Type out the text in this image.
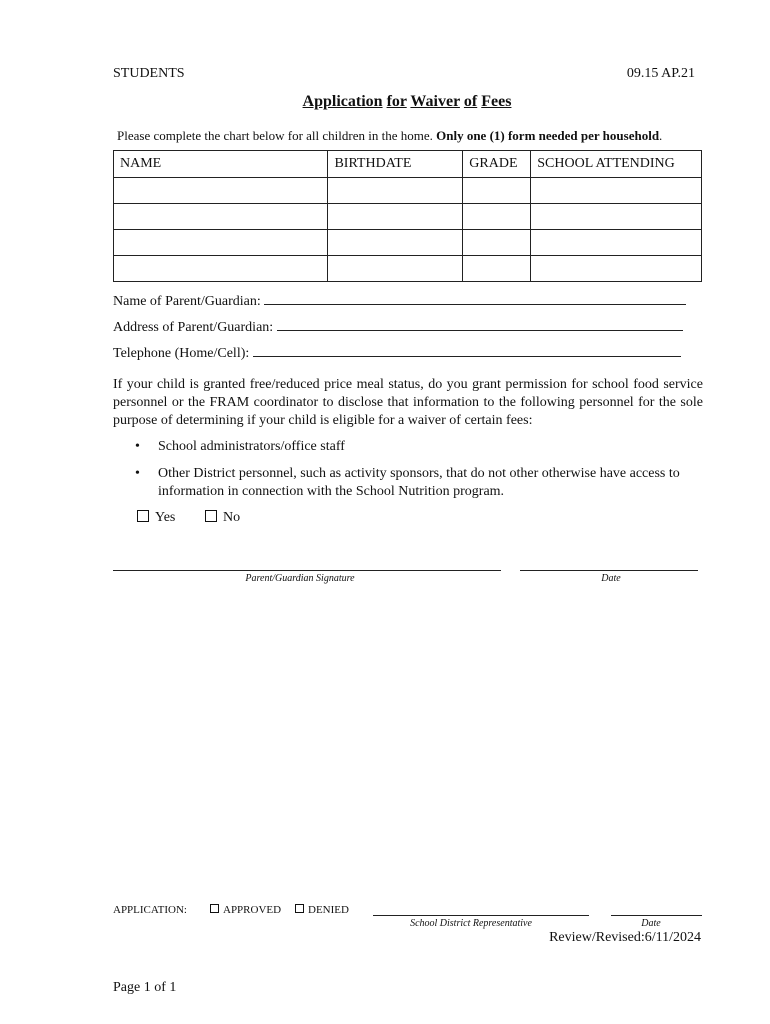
STUDENTS	09.15 AP.21
Application for Waiver of Fees
Please complete the chart below for all children in the home. Only one (1) form needed per household.
NAME	BIRTHDATE	GRADE	SCHOOL ATTENDING

Name of Parent/Guardian:
Address of Parent/Guardian:
Telephone (Home/Cell):
If your child is granted free/reduced price meal status, do you grant permission for school food service personnel or the FRAM coordinator to disclose that information to the following personnel for the sole purpose of determining if your child is eligible for a waiver of certain fees:
• School administrators/office staff
• Other District personnel, such as activity sponsors, that do not other otherwise have access to information in connection with the School Nutrition program.
Yes	No
Parent/Guardian Signature	Date
APPLICATION:	APPROVED	DENIED
School District Representative	Date
Review/Revised:6/11/2024
Page 1 of 1
